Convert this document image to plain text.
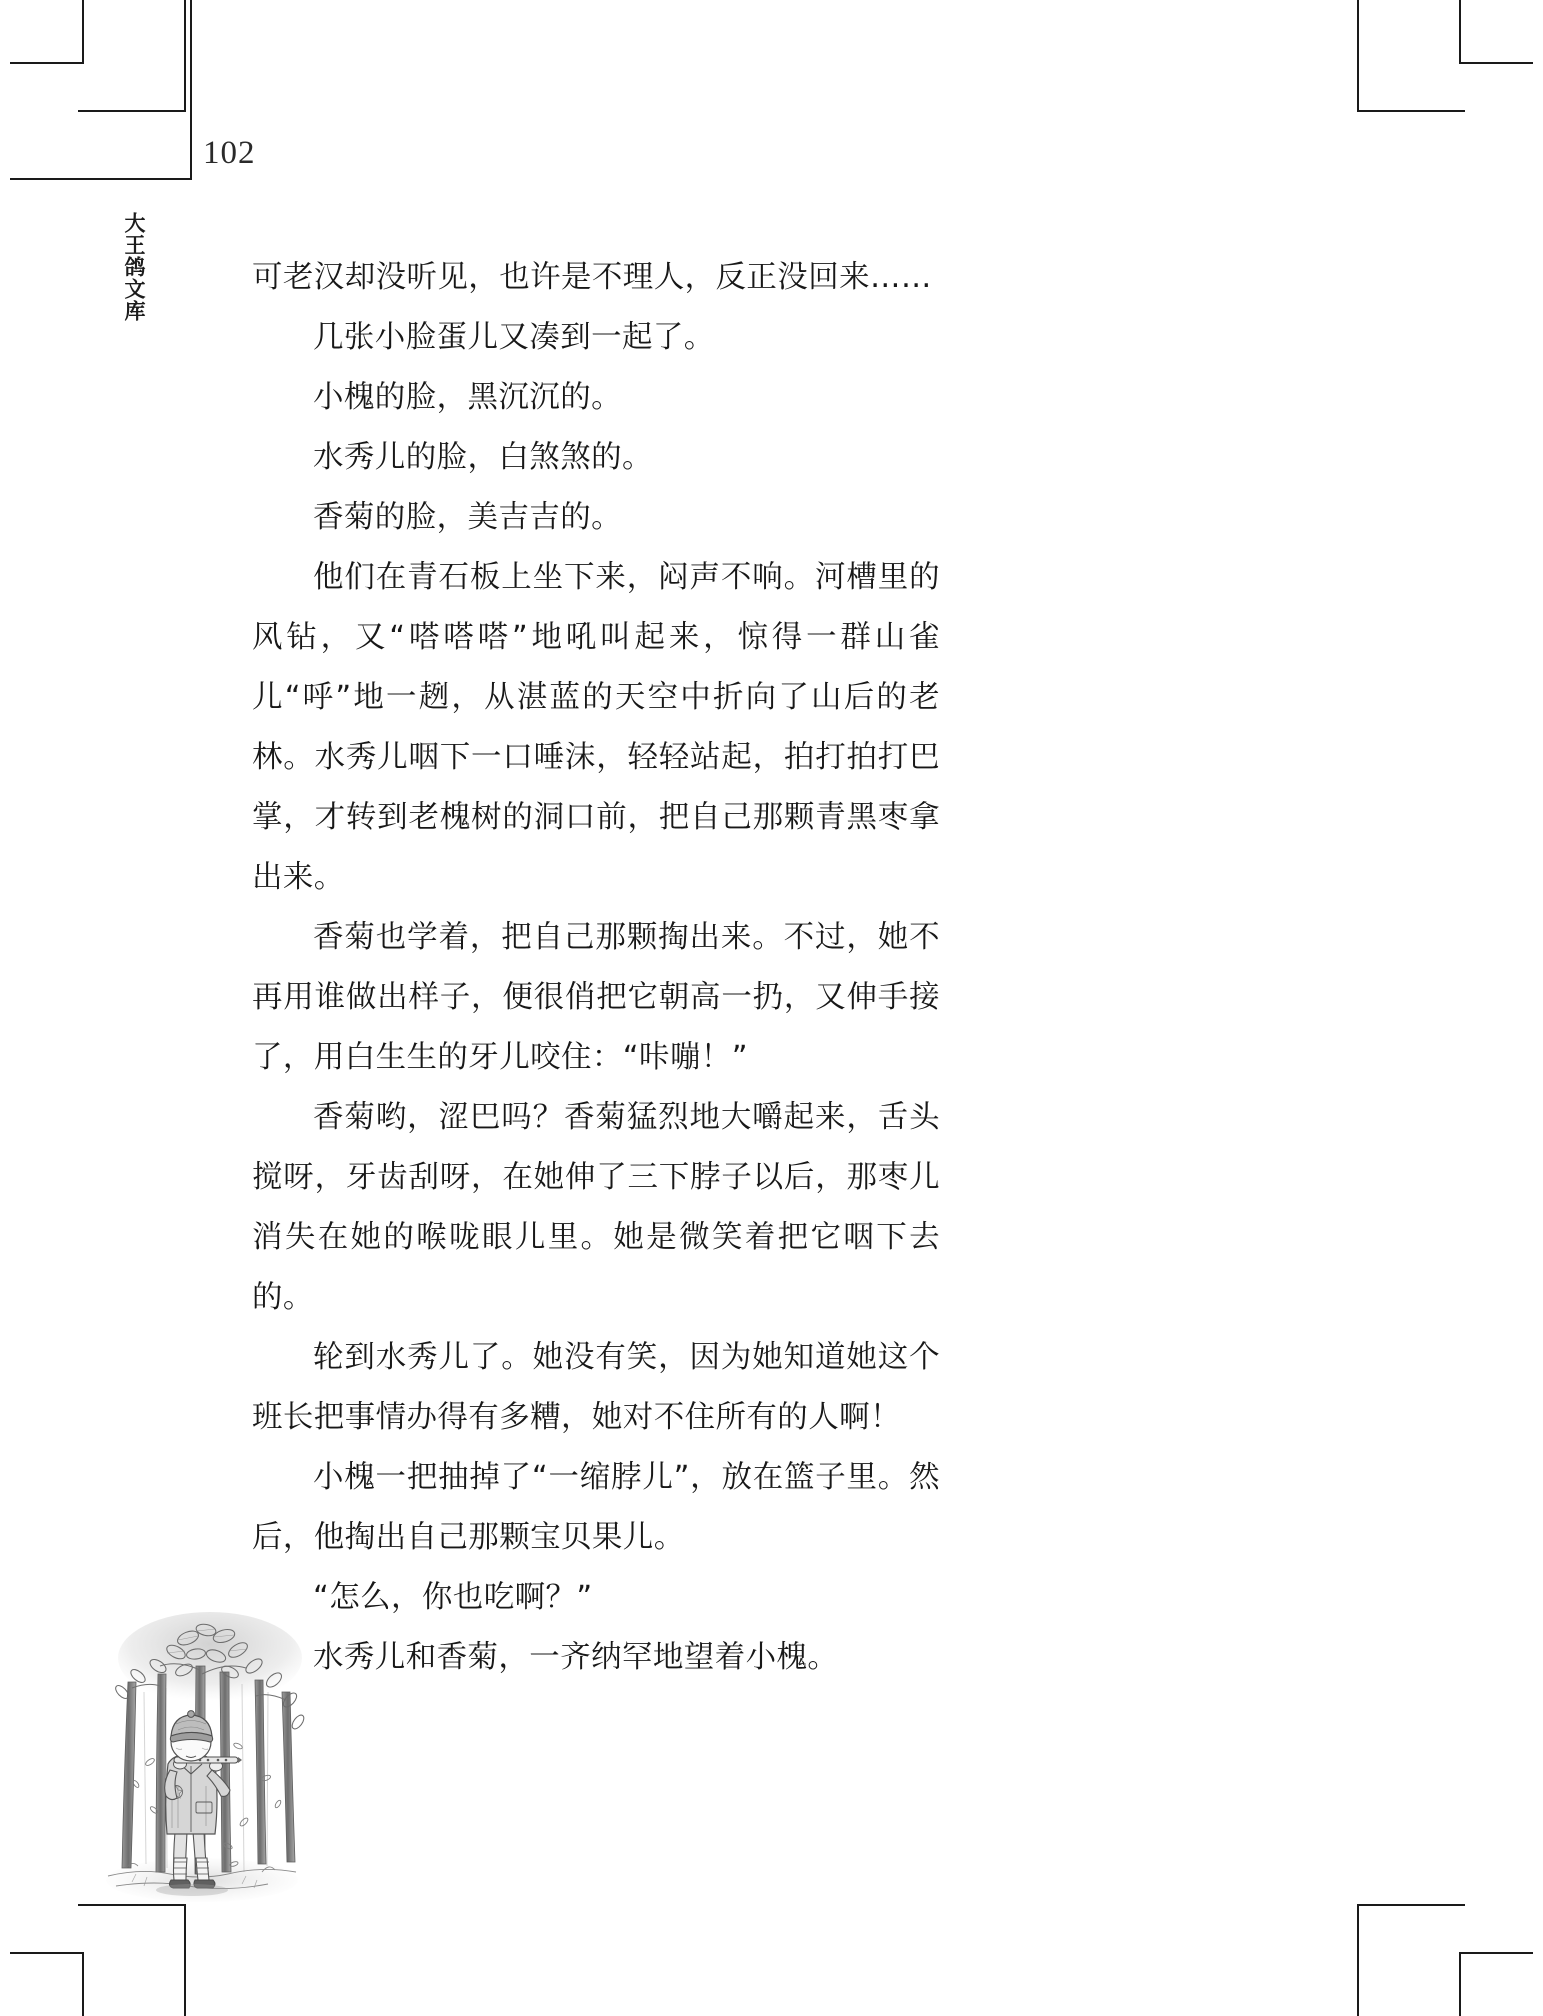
102
大王鸽文库	可老汉却没听见，也许是不理人，反正没回来……

几张小脸蛋儿又凑到一起了。

小槐的脸，黑沉沉的。

水秀儿的脸，白煞煞的。

香菊的脸，美吉吉的。

他们在青石板上坐下来，闷声不响。河槽里的风钻，又“嗒嗒嗒”地吼叫起来，惊得一群山雀儿“呼”地一趔，从湛蓝的天空中折向了山后的老林。水秀儿咽下一口唾沫，轻轻站起，拍打拍打巴掌，才转到老槐树的洞口前，把自己那颗青黑枣拿出来。

香菊也学着，把自己那颗掏出来。不过，她不再用谁做出样子，便很俏把它朝高一扔，又伸手接了，用白生生的牙儿咬住：“咔嘣！”

香菊哟，涩巴吗？香菊猛烈地大嚼起来，舌头搅呀，牙齿刮呀，在她伸了三下脖子以后，那枣儿消失在她的喉咙眼儿里。她是微笑着把它咽下去的。

轮到水秀儿了。她没有笑，因为她知道她这个班长把事情办得有多糟，她对不住所有的人啊！

小槐一把抽掉了“一缩脖儿”，放在篮子里。然后，他掏出自己那颗宝贝果儿。

“怎么，你也吃啊？”

水秀儿和香菊，一齐纳罕地望着小槐。
